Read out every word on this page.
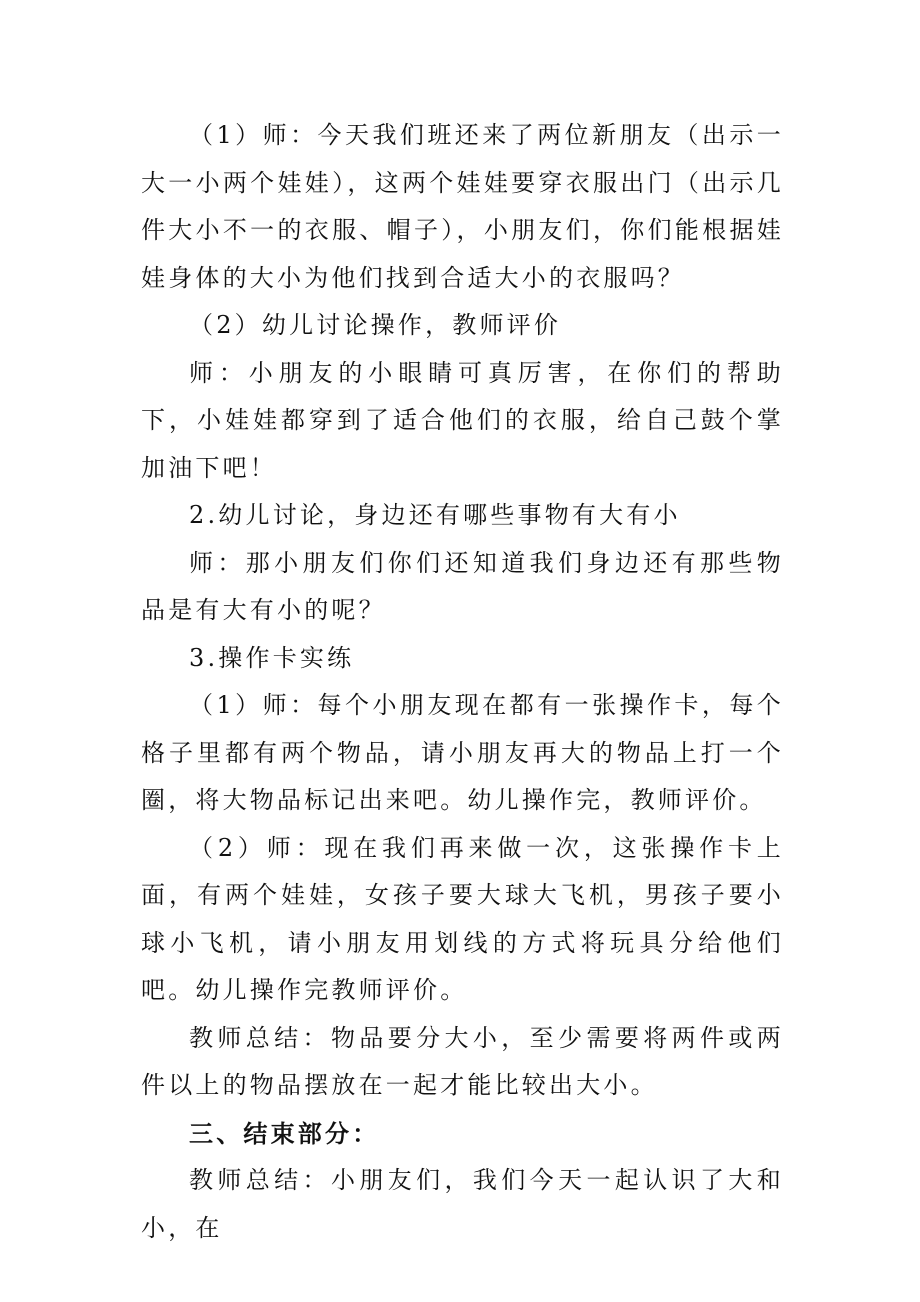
（1）师：今天我们班还来了两位新朋友（出示一大一小两个娃娃），这两个娃娃要穿衣服出门（出示几件大小不一的衣服、帽子），小朋友们，你们能根据娃娃身体的大小为他们找到合适大小的衣服吗？

（2）幼儿讨论操作，教师评价

师：小朋友的小眼睛可真厉害，在你们的帮助下，小娃娃都穿到了适合他们的衣服，给自己鼓个掌加油下吧！

2.幼儿讨论，身边还有哪些事物有大有小

师：那小朋友们你们还知道我们身边还有那些物品是有大有小的呢？

3.操作卡实练

（1）师：每个小朋友现在都有一张操作卡，每个格子里都有两个物品，请小朋友再大的物品上打一个圈，将大物品标记出来吧。幼儿操作完，教师评价。

（2）师：现在我们再来做一次，这张操作卡上面，有两个娃娃，女孩子要大球大飞机，男孩子要小球小飞机，请小朋友用划线的方式将玩具分给他们吧。幼儿操作完教师评价。

教师总结：物品要分大小，至少需要将两件或两件以上的物品摆放在一起才能比较出大小。

三、结束部分：

教师总结：小朋友们，我们今天一起认识了大和小，在
